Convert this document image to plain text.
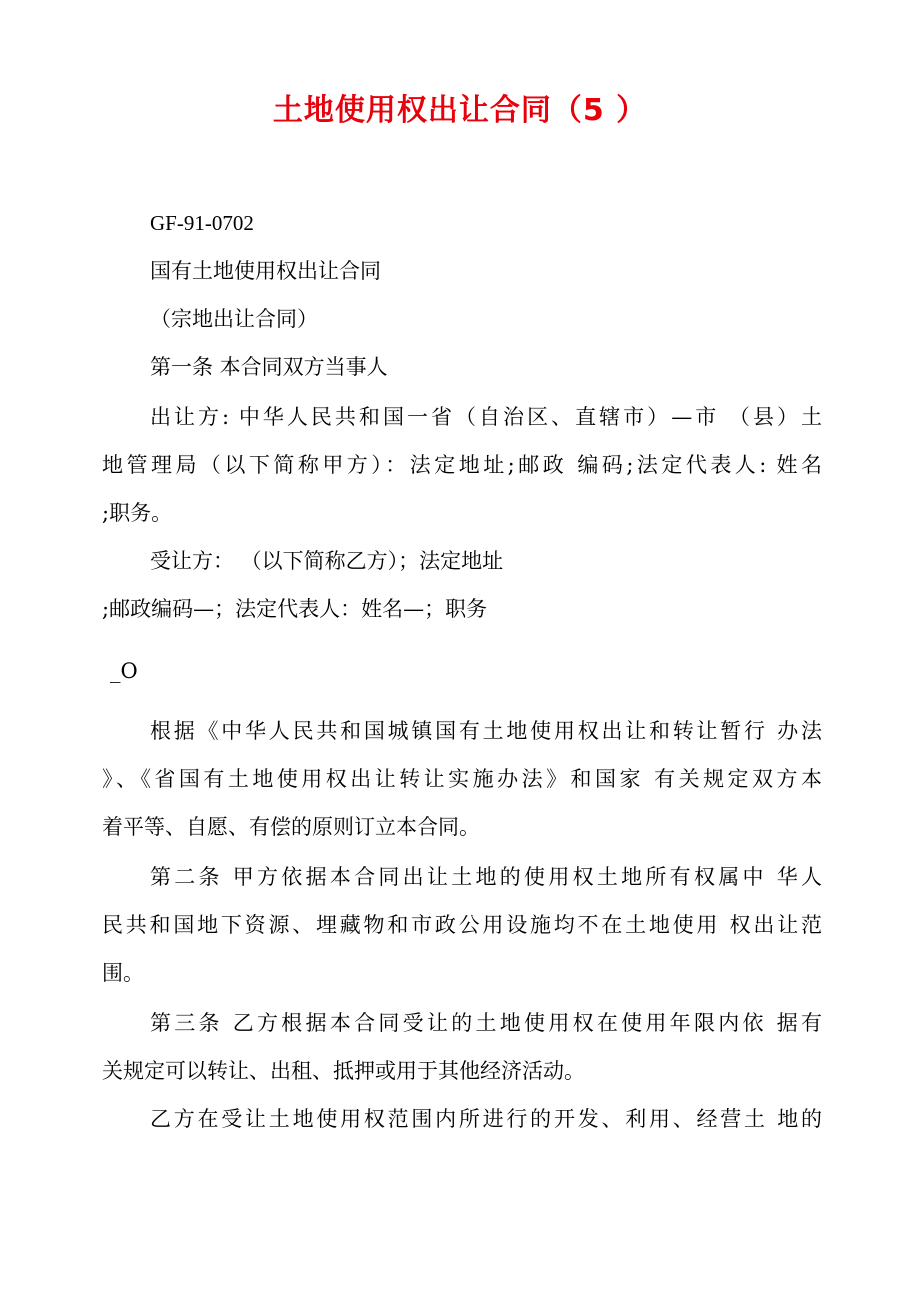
土地使用权出让合同（5 ）
GF-91-0702
国有土地使用权出让合同
（宗地出让合同）
第一条 本合同双方当事人
出让方: 中华人民共和国一省（自治区、直辖市）—市 （县）土
地管理局（以下简称甲方）：法定地址;邮政 编码;法定代表人: 姓名
;职务。
受让方： （以下简称乙方）；法定地址
;邮政编码—；法定代表人：姓名—；职务
_O
根据《中华人民共和国城镇国有土地使用权出让和转让暂行 办法
》、《省国有土地使用权出让转让实施办法》和国家 有关规定双方本
着平等、自愿、有偿的原则订立本合同。
第二条 甲方依据本合同出让土地的使用权土地所有权属中 华人
民共和国地下资源、埋藏物和市政公用设施均不在土地使用 权出让范
围。
第三条 乙方根据本合同受让的土地使用权在使用年限内依 据有
关规定可以转让、出租、抵押或用于其他经济活动。
乙方在受让土地使用权范围内所进行的开发、利用、经营土 地的
